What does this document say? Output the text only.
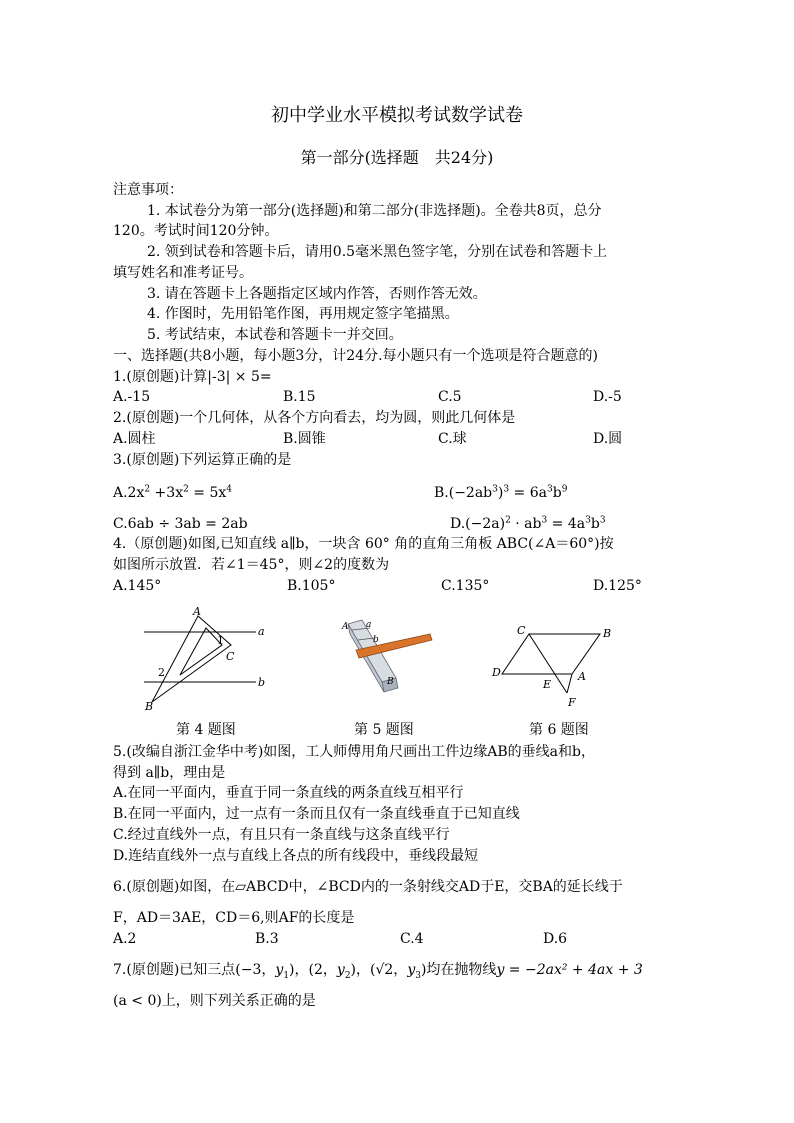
初中学业水平模拟考试数学试卷
第一部分(选择题　共24分)
注意事项：
1. 本试卷分为第一部分(选择题)和第二部分(非选择题)。全卷共8页，总分
120。考试时间120分钟。
2. 领到试卷和答题卡后，请用0.5毫米黑色签字笔，分别在试卷和答题卡上
填写姓名和准考证号。
3. 请在答题卡上各题指定区域内作答，否则作答无效。
4. 作图时，先用铅笔作图，再用规定签字笔描黑。
5. 考试结束，本试卷和答题卡一并交回。
一、选择题(共8小题，每小题3分，计24分.每小题只有一个选项是符合题意的)
1.(原创题)计算|-3| × 5=
A.-15	B.15	C.5	D.-5
2.(原创题)一个几何体，从各个方向看去，均为圆，则此几何体是
A.圆柱	B.圆锥	C.球	D.圆
3.(原创题)下列运算正确的是
$A.2x^2 +3x^2 = 5x^4$	$B.(-2ab^3)^3 = 6a^3b^9$
C.6ab ÷ 3ab = 2ab	$D.(-2a)^2 \cdot ab^3 = 4a^3b^3$
4.（原创题)如图,已知直线 a∥b，一块含 60° 角的直角三角板 ABC(∠A＝60°)按
如图所示放置．若∠1＝45°，则∠2的度数为
A.145°	B.105°	C.135°	D.125°
A
C
B
a
b
1
2
A a
b
B
C	B
D
E
A
F
第 4 题图	第 5 题图	第 6 题图
5.(改编自浙江金华中考)如图，工人师傅用角尺画出工件边缘AB的垂线a和b，
得到 a∥b，理由是
A.在同一平面内，垂直于同一条直线的两条直线互相平行
B.在同一平面内，过一点有一条而且仅有一条直线垂直于已知直线
C.经过直线外一点，有且只有一条直线与这条直线平行
D.连结直线外一点与直线上各点的所有线段中，垂线段最短
6.(原创题)如图，在▱ABCD中，∠BCD内的一条射线交AD于E，交BA的延长线于
F，AD＝3AE，CD＝6,则AF的长度是
A.2	B.3	C.4	D.6
7.(原创题)已知三点(−3，$y_1$)，(2，$y_2$)，(√2，$y_3$)均在抛物线y = −2ax² + 4ax + 3
(a < 0)上，则下列关系正确的是
